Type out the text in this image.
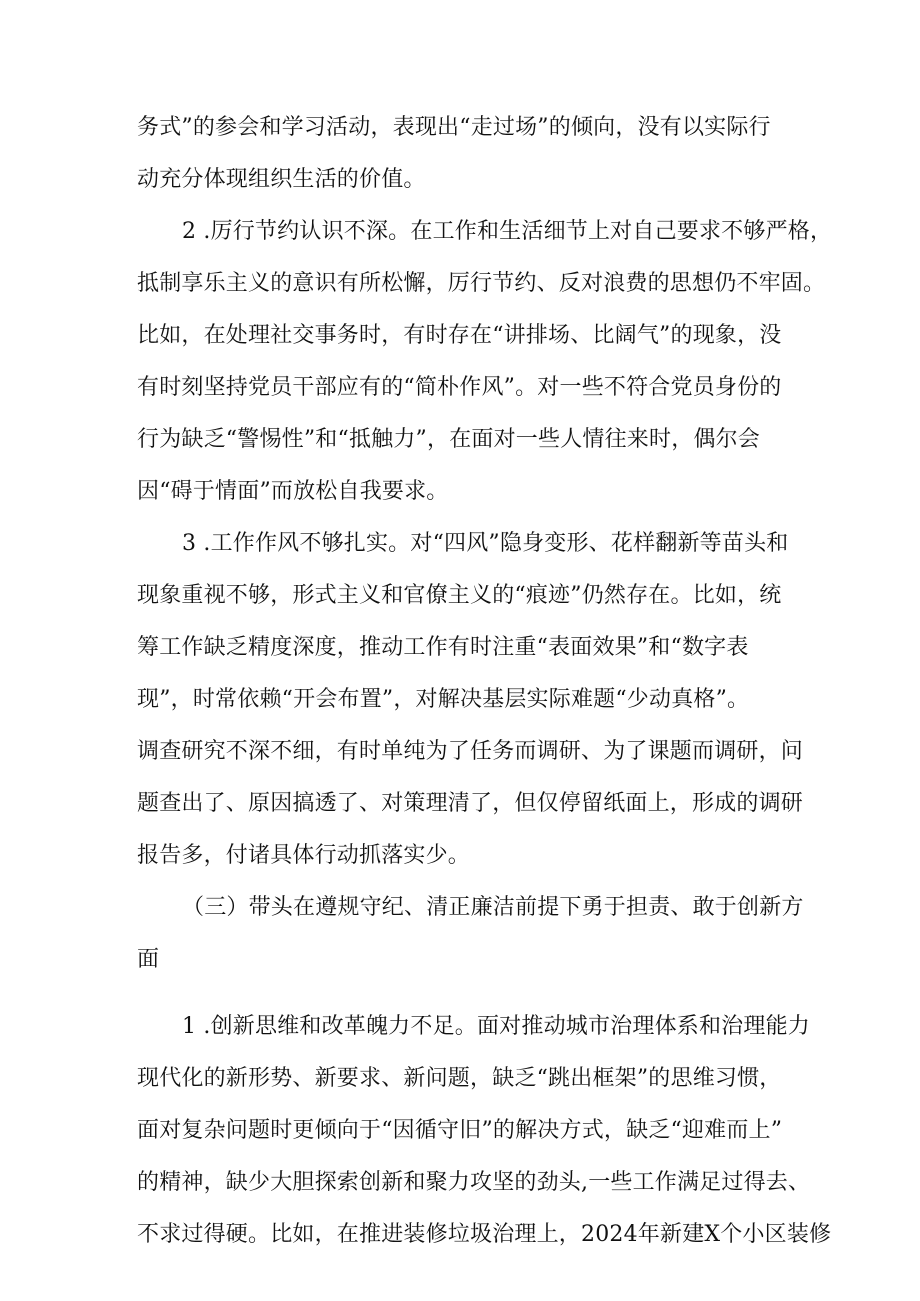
务式”的参会和学习活动，表现出“走过场”的倾向，没有以实际行
动充分体现组织生活的价值。
2 .厉行节约认识不深。在工作和生活细节上对自己要求不够严格，
抵制享乐主义的意识有所松懈，厉行节约、反对浪费的思想仍不牢固。
比如，在处理社交事务时，有时存在“讲排场、比阔气”的现象，没
有时刻坚持党员干部应有的“简朴作风”。对一些不符合党员身份的
行为缺乏“警惕性”和“抵触力”，在面对一些人情往来时，偶尔会
因“碍于情面”而放松自我要求。
3 .工作作风不够扎实。对“四风”隐身变形、花样翻新等苗头和
现象重视不够，形式主义和官僚主义的“痕迹”仍然存在。比如，统
筹工作缺乏精度深度，推动工作有时注重“表面效果”和“数字表
现”，时常依赖“开会布置”，对解决基层实际难题“少动真格”。
调查研究不深不细，有时单纯为了任务而调研、为了课题而调研，问
题查出了、原因搞透了、对策理清了，但仅停留纸面上，形成的调研
报告多，付诸具体行动抓落实少。
（三）带头在遵规守纪、清正廉洁前提下勇于担责、敢于创新方
面
1 .创新思维和改革魄力不足。面对推动城市治理体系和治理能力
现代化的新形势、新要求、新问题，缺乏“跳出框架”的思维习惯，
面对复杂问题时更倾向于“因循守旧”的解决方式，缺乏“迎难而上”
的精神，缺少大胆探索创新和聚力攻坚的劲头,一些工作满足过得去、
不求过得硬。比如，在推进装修垃圾治理上，2024年新建X个小区装修
